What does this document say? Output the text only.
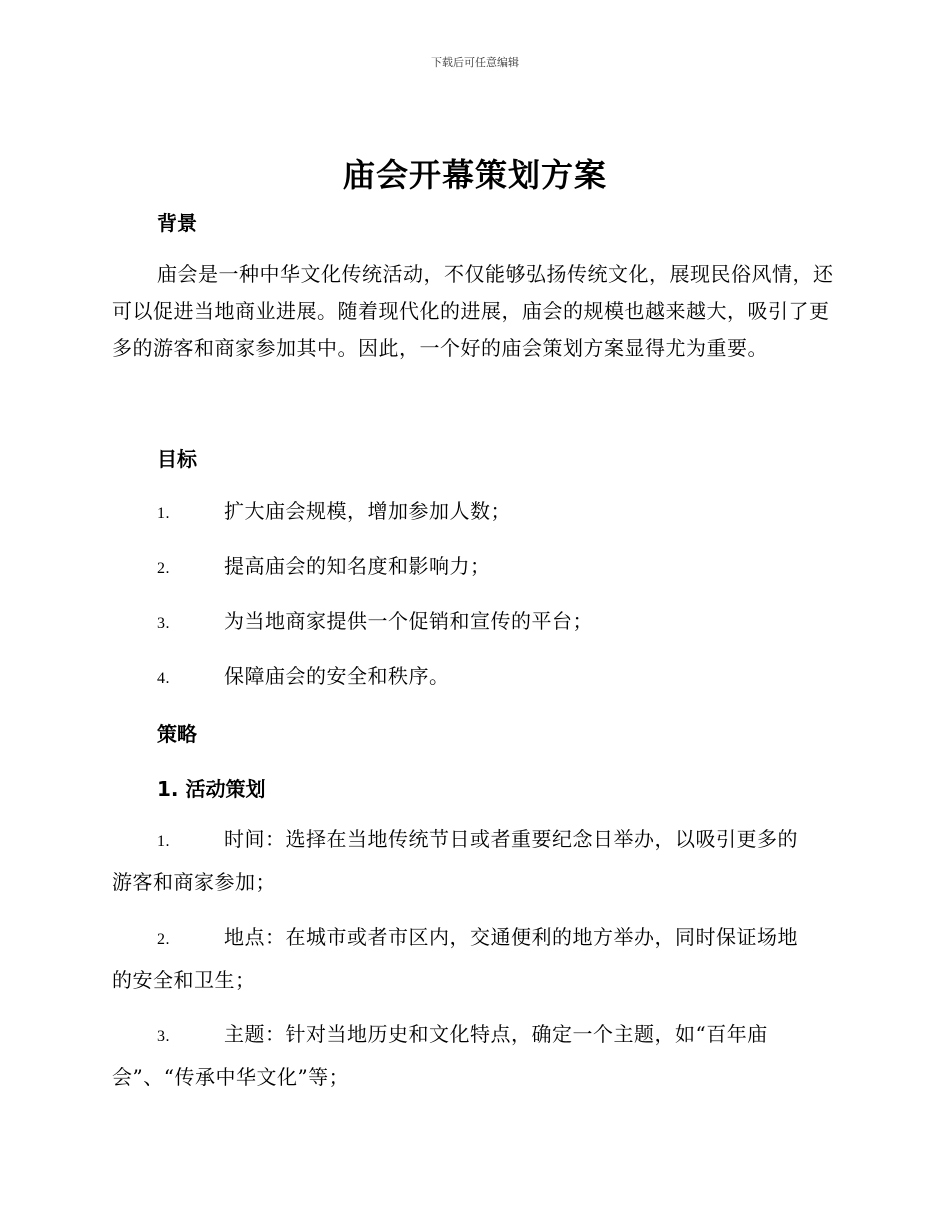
下载后可任意编辑
庙会开幕策划方案
背景
庙会是一种中华文化传统活动，不仅能够弘扬传统文化，展现民俗风情，还可以促进当地商业进展。随着现代化的进展，庙会的规模也越来越大，吸引了更多的游客和商家参加其中。因此，一个好的庙会策划方案显得尤为重要。
目标
1.	扩大庙会规模，增加参加人数；
2.	提高庙会的知名度和影响力；
3.	为当地商家提供一个促销和宣传的平台；
4.	保障庙会的安全和秩序。
策略
1. 活动策划
1.	时间：选择在当地传统节日或者重要纪念日举办，以吸引更多的
游客和商家参加；
2.	地点：在城市或者市区内，交通便利的地方举办，同时保证场地
的安全和卫生；
3.	主题：针对当地历史和文化特点，确定一个主题，如“百年庙
会”、“传承中华文化”等；
